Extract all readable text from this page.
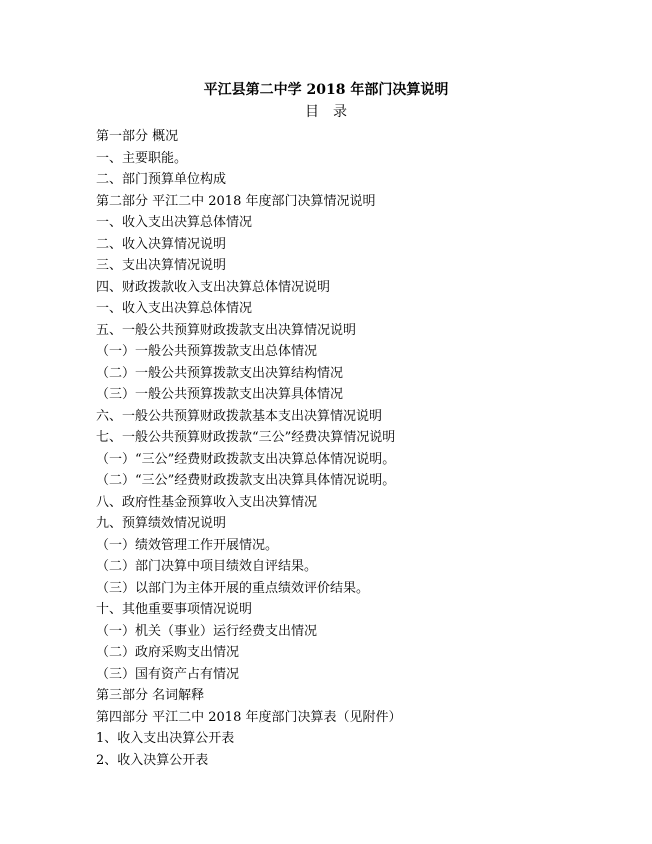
平江县第二中学 2018 年部门决算说明
目录
第一部分 概况
一、主要职能。
二、部门预算单位构成
第二部分 平江二中 2018 年度部门决算情况说明
一、收入支出决算总体情况
二、收入决算情况说明
三、支出决算情况说明
四、财政拨款收入支出决算总体情况说明
一、收入支出决算总体情况
五、一般公共预算财政拨款支出决算情况说明
（一）一般公共预算拨款支出总体情况
（二）一般公共预算拨款支出决算结构情况
（三）一般公共预算拨款支出决算具体情况
六、一般公共预算财政拨款基本支出决算情况说明
七、一般公共预算财政拨款“三公”经费决算情况说明
（一）“三公”经费财政拨款支出决算总体情况说明。
（二）“三公”经费财政拨款支出决算具体情况说明。
八、政府性基金预算收入支出决算情况
九、预算绩效情况说明
（一）绩效管理工作开展情况。
（二）部门决算中项目绩效自评结果。
（三）以部门为主体开展的重点绩效评价结果。
十、其他重要事项情况说明
（一）机关（事业）运行经费支出情况
（二）政府采购支出情况
（三）国有资产占有情况
第三部分 名词解释
第四部分 平江二中 2018 年度部门决算表（见附件）
1、收入支出决算公开表
2、收入决算公开表
